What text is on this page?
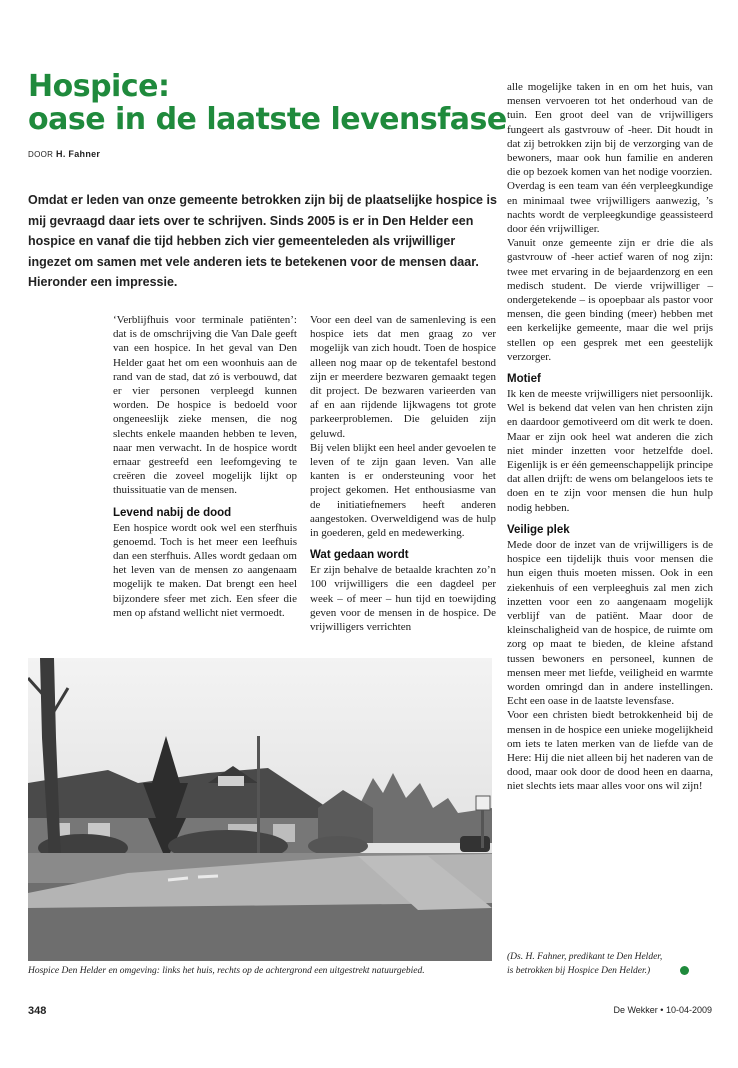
Hospice:
oase in de laatste levensfase
DOOR H. Fahner

Omdat er leden van onze gemeente betrokken zijn bij de plaatselijke hospice is mij gevraagd daar iets over te schrijven. Sinds 2005 is er in Den Helder een hospice en vanaf die tijd hebben zich vier gemeenteleden als vrijwilliger ingezet om samen met vele anderen iets te betekenen voor de mensen daar. Hieronder een impressie.

‘Verblijfhuis voor terminale patiënten’: dat is de omschrijving die Van Dale geeft van een hospice. In het geval van Den Helder gaat het om een woonhuis aan de rand van de stad, dat zó is verbouwd, dat er vier personen verpleegd kunnen worden. De hospice is bedoeld voor ongeneeslijk zieke mensen, die nog slechts enkele maanden hebben te leven, naar men verwacht. In de hospice wordt ernaar gestreefd een leefomgeving te creëren die zoveel mogelijk lijkt op thuissituatie van de mensen.

Levend nabij de dood

Een hospice wordt ook wel een sterfhuis genoemd. Toch is het meer een leefhuis dan een sterfhuis. Alles wordt gedaan om het leven van de mensen zo aangenaam mogelijk te maken. Dat brengt een heel bijzondere sfeer met zich. Een sfeer die men op afstand wellicht niet vermoedt.

Voor een deel van de samenleving is een hospice iets dat men graag zo ver mogelijk van zich houdt. Toen de hospice alleen nog maar op de tekentafel bestond zijn er meerdere bezwaren gemaakt tegen dit project. De bezwaren varieerden van af en aan rijdende lijkwagens tot grote parkeerproblemen. Die geluiden zijn geluwd.

Bij velen blijkt een heel ander gevoelen te leven of te zijn gaan leven. Van alle kanten is er ondersteuning voor het project gekomen. Het enthousiasme van de initiatiefnemers heeft anderen aangestoken. Overweldigend was de hulp in goederen, geld en medewerking.

Wat gedaan wordt

Er zijn behalve de betaalde krachten zo’n 100 vrijwilligers die een dagdeel per week – of meer – hun tijd en toewijding geven voor de mensen in de hospice. De vrijwilligers verrichten

alle mogelijke taken in en om het huis, van mensen vervoeren tot het onderhoud van de tuin. Een groot deel van de vrijwilligers fungeert als gastvrouw of -heer. Dit houdt in dat zij betrokken zijn bij de verzorging van de bewoners, maar ook hun familie en anderen die op bezoek komen van het nodige voorzien.

Overdag is een team van één verpleegkundige en minimaal twee vrijwilligers aanwezig, ’s nachts wordt de verpleegkundige geassisteerd door één vrijwilliger.

Vanuit onze gemeente zijn er drie die als gastvrouw of -heer actief waren of nog zijn: twee met ervaring in de bejaardenzorg en een medisch student. De vierde vrijwilliger – ondergetekende – is opoepbaar als pastor voor mensen, die geen binding (meer) hebben met een kerkelijke gemeente, maar die wel prijs stellen op een gesprek met een geestelijk verzorger.

Motief

Ik ken de meeste vrijwilligers niet persoonlijk. Wel is bekend dat velen van hen christen zijn en daardoor gemotiveerd om dit werk te doen. Maar er zijn ook heel wat anderen die zich niet minder inzetten voor hetzelfde doel. Eigenlijk is er één gemeenschappelijk principe dat allen drijft: de wens om belangeloos iets te doen en te zijn voor mensen die hun hulp nodig hebben.

Veilige plek

Mede door de inzet van de vrijwilligers is de hospice een tijdelijk thuis voor mensen die hun eigen thuis moeten missen. Ook in een ziekenhuis of een verpleeghuis zal men zich inzetten voor een zo aangenaam mogelijk verblijf van de patiënt. Maar door de kleinschaligheid van de hospice, de ruimte om zorg op maat te bieden, de kleine afstand tussen bewoners en personeel, kunnen de mensen meer met liefde, veiligheid en warmte worden omringd dan in andere instellingen. Echt een oase in de laatste levensfase.

Voor een christen biedt betrokkenheid bij de mensen in de hospice een unieke mogelijkheid om iets te laten merken van de liefde van de Here: Hij die niet alleen bij het naderen van de dood, maar ook door de dood heen en daarna, niet slechts iets maar alles voor ons wil zijn!

Hospice Den Helder en omgeving: links het huis, rechts op de achtergrond een uitgestrekt natuurgebied.

(Ds. H. Fahner, predikant te Den Helder,

is betrokken bij Hospice Den Helder.)

348	De Wekker • 10-04-2009
